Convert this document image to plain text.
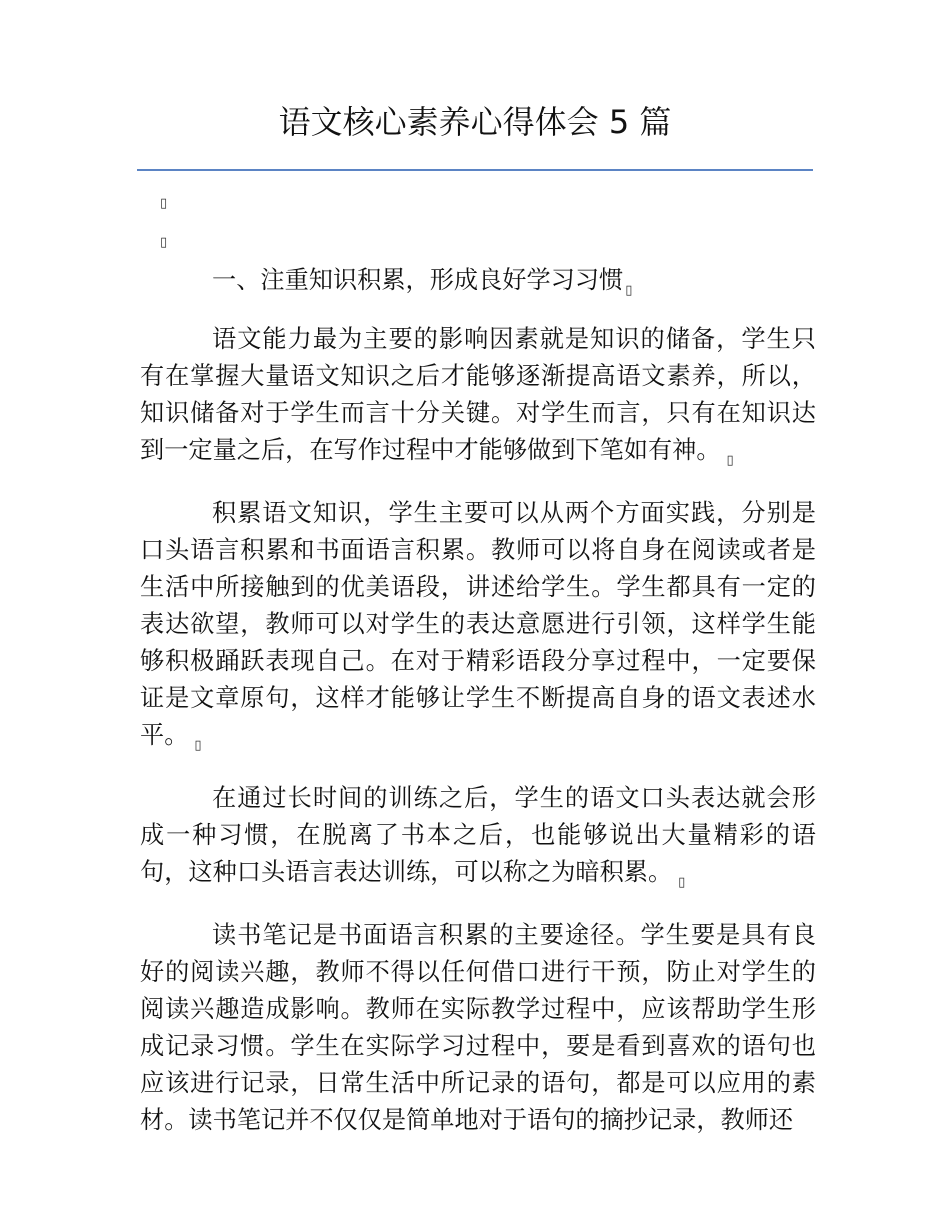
语文核心素养心得体会 5 篇
▯
▯

一、注重知识积累，形成良好学习习惯 $_▯$

语文能力最为主要的影响因素就是知识的储备，学生只有在掌握大量语文知识之后才能够逐渐提高语文素养，所以，知识储备对于学生而言十分关键。对学生而言，只有在知识达到一定量之后，在写作过程中才能够做到下笔如有神。 $_▯$

积累语文知识，学生主要可以从两个方面实践，分别是口头语言积累和书面语言积累。教师可以将自身在阅读或者是生活中所接触到的优美语段，讲述给学生。学生都具有一定的表达欲望，教师可以对学生的表达意愿进行引领，这样学生能够积极踊跃表现自己。在对于精彩语段分享过程中，一定要保证是文章原句，这样才能够让学生不断提高自身的语文表述水平。 $_▯$

在通过长时间的训练之后，学生的语文口头表达就会形成一种习惯，在脱离了书本之后，也能够说出大量精彩的语句，这种口头语言表达训练，可以称之为暗积累。 $_▯$

读书笔记是书面语言积累的主要途径。学生要是具有良好的阅读兴趣，教师不得以任何借口进行干预，防止对学生的阅读兴趣造成影响。教师在实际教学过程中，应该帮助学生形成记录习惯。学生在实际学习过程中，要是看到喜欢的语句也应该进行记录，日常生活中所记录的语句，都是可以应用的素材。读书笔记并不仅仅是简单地对于语句的摘抄记录，教师还
